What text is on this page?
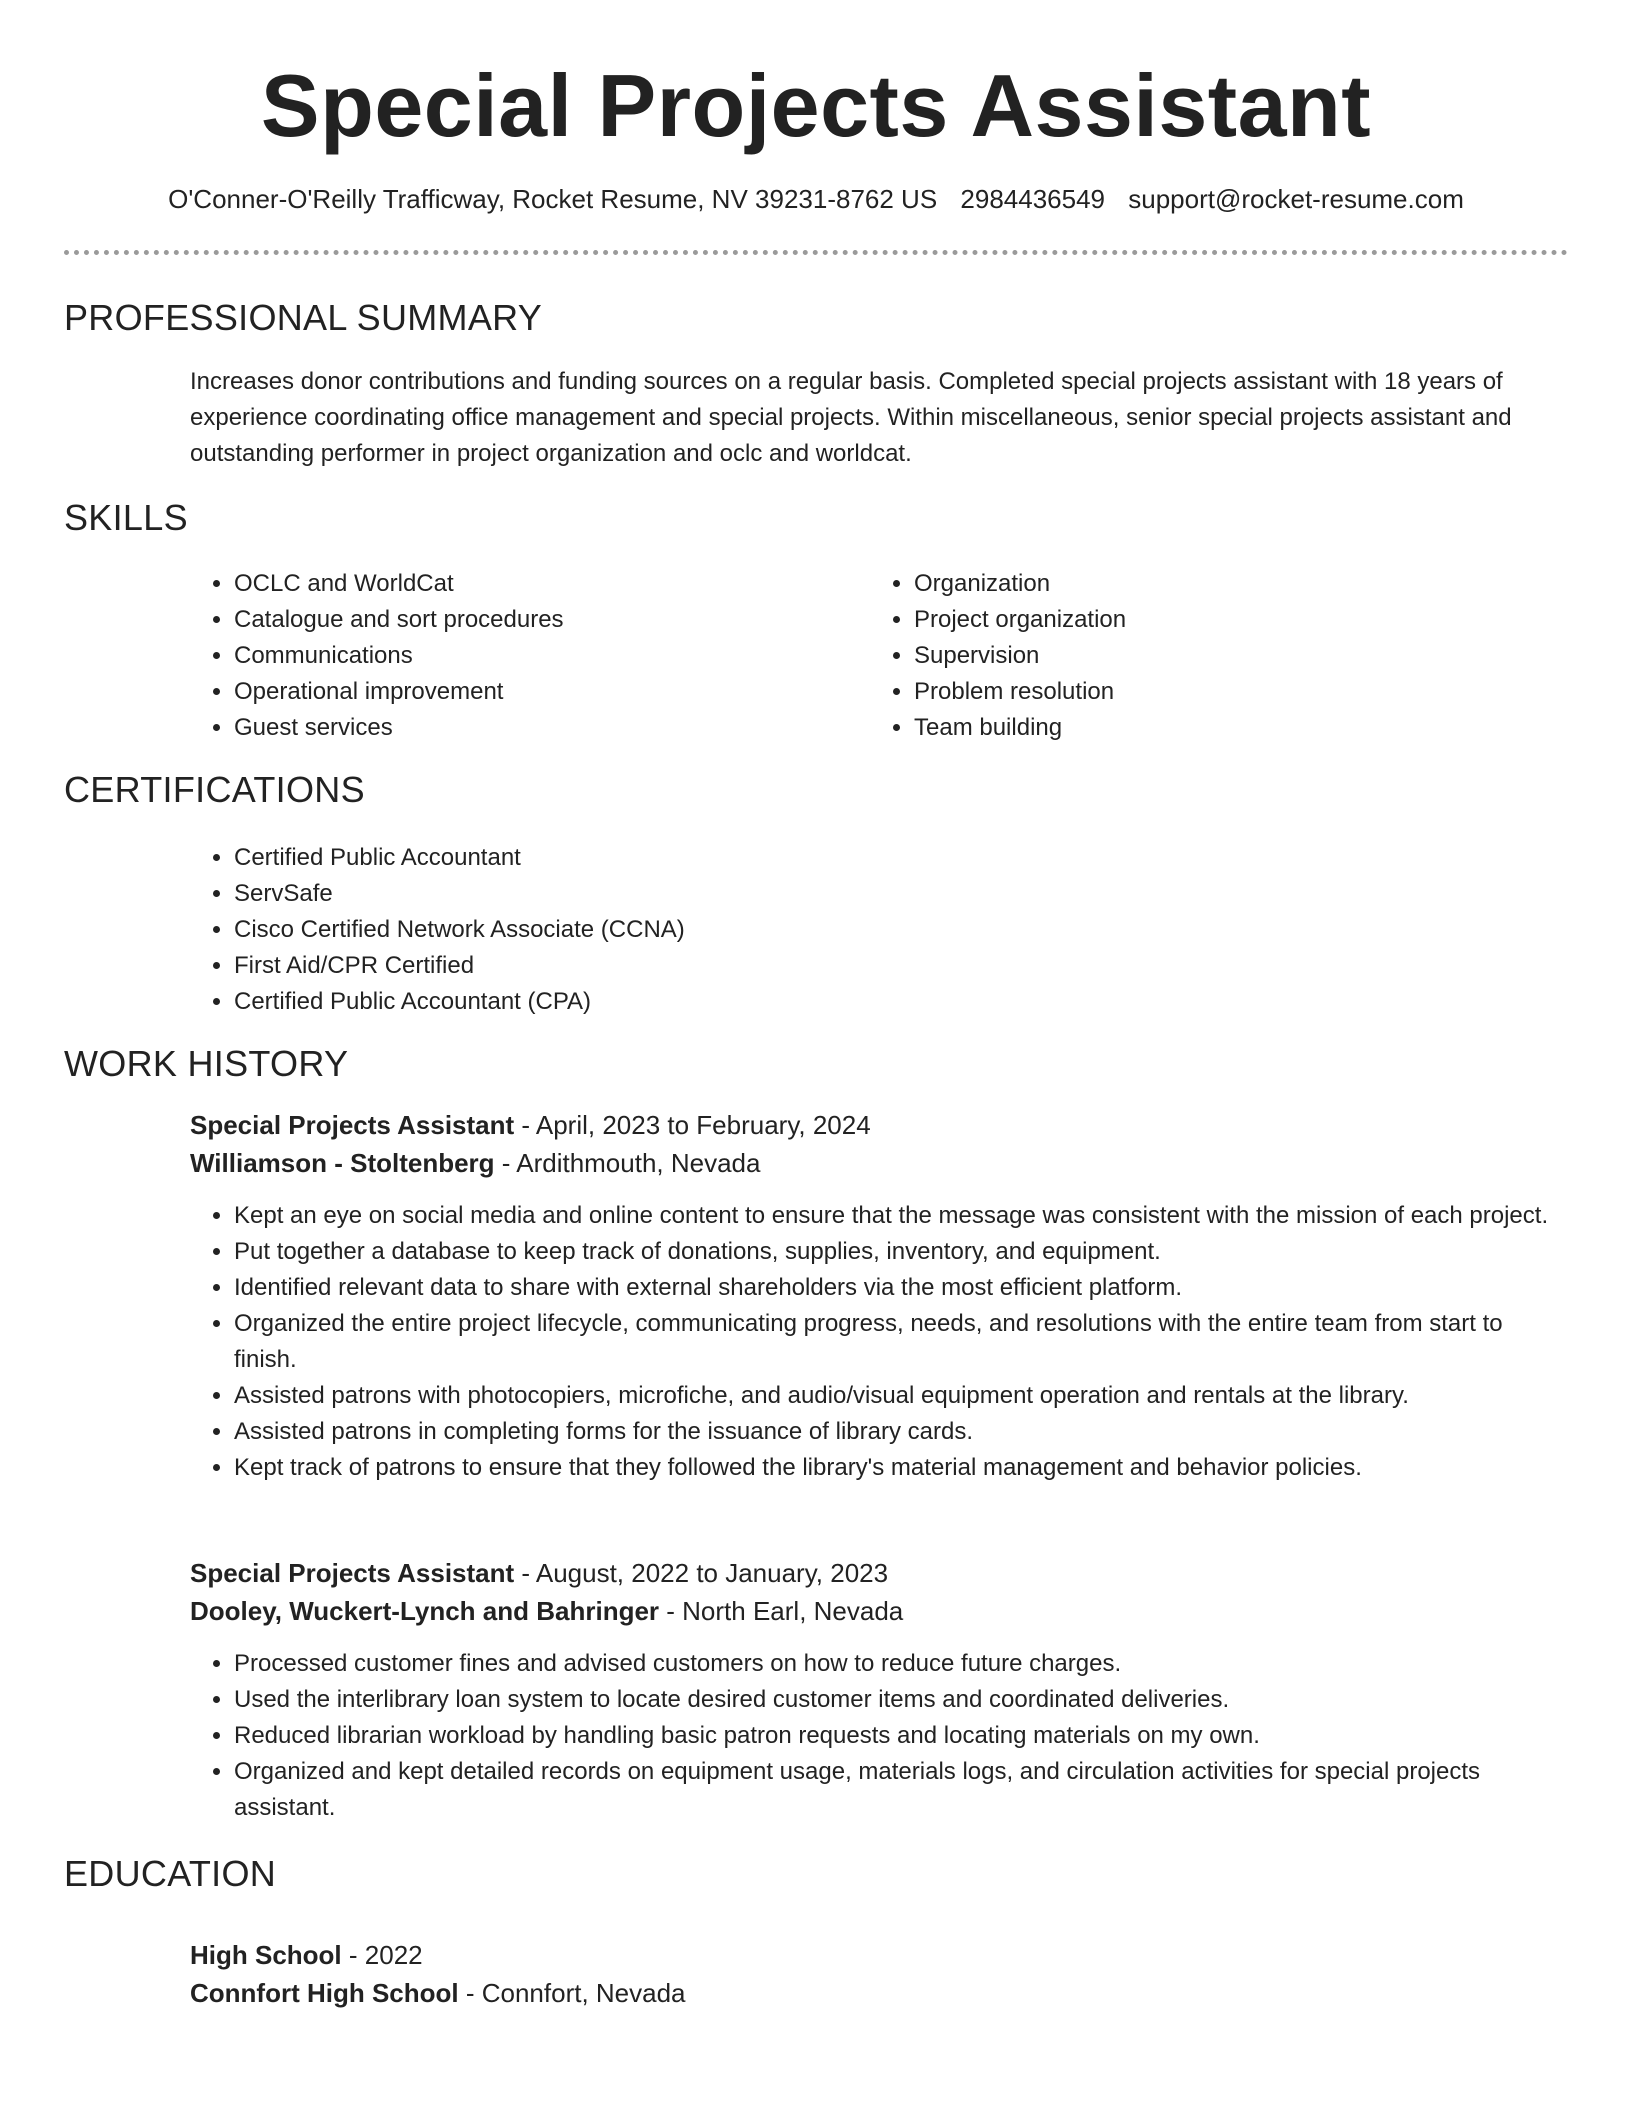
Special Projects Assistant
O'Conner-O'Reilly Trafficway, Rocket Resume, NV 39231-8762 US 2984436549 support@rocket-resume.com
PROFESSIONAL SUMMARY

Increases donor contributions and funding sources on a regular basis. Completed special projects assistant with 18 years of experience coordinating office management and special projects. Within miscellaneous, senior special projects assistant and outstanding performer in project organization and oclc and worldcat.

SKILLS
• OCLC and WorldCat
• Catalogue and sort procedures
• Communications
• Operational improvement
• Guest services
• Organization
• Project organization
• Supervision
• Problem resolution
• Team building
CERTIFICATIONS
• Certified Public Accountant
• ServSafe
• Cisco Certified Network Associate (CCNA)
• First Aid/CPR Certified
• Certified Public Accountant (CPA)
WORK HISTORY

Special Projects Assistant - April, 2023 to February, 2024

Williamson - Stoltenberg - Ardithmouth, Nevada

• Kept an eye on social media and online content to ensure that the message was consistent with the mission of each project.
• Put together a database to keep track of donations, supplies, inventory, and equipment.
• Identified relevant data to share with external shareholders via the most efficient platform.
• Organized the entire project lifecycle, communicating progress, needs, and resolutions with the entire team from start to finish.
• Assisted patrons with photocopiers, microfiche, and audio/visual equipment operation and rentals at the library.
• Assisted patrons in completing forms for the issuance of library cards.
• Kept track of patrons to ensure that they followed the library's material management and behavior policies.

Special Projects Assistant - August, 2022 to January, 2023

Dooley, Wuckert-Lynch and Bahringer - North Earl, Nevada

• Processed customer fines and advised customers on how to reduce future charges.
• Used the interlibrary loan system to locate desired customer items and coordinated deliveries.
• Reduced librarian workload by handling basic patron requests and locating materials on my own.
• Organized and kept detailed records on equipment usage, materials logs, and circulation activities for special projects assistant.
EDUCATION

High School - 2022

Connfort High School - Connfort, Nevada
